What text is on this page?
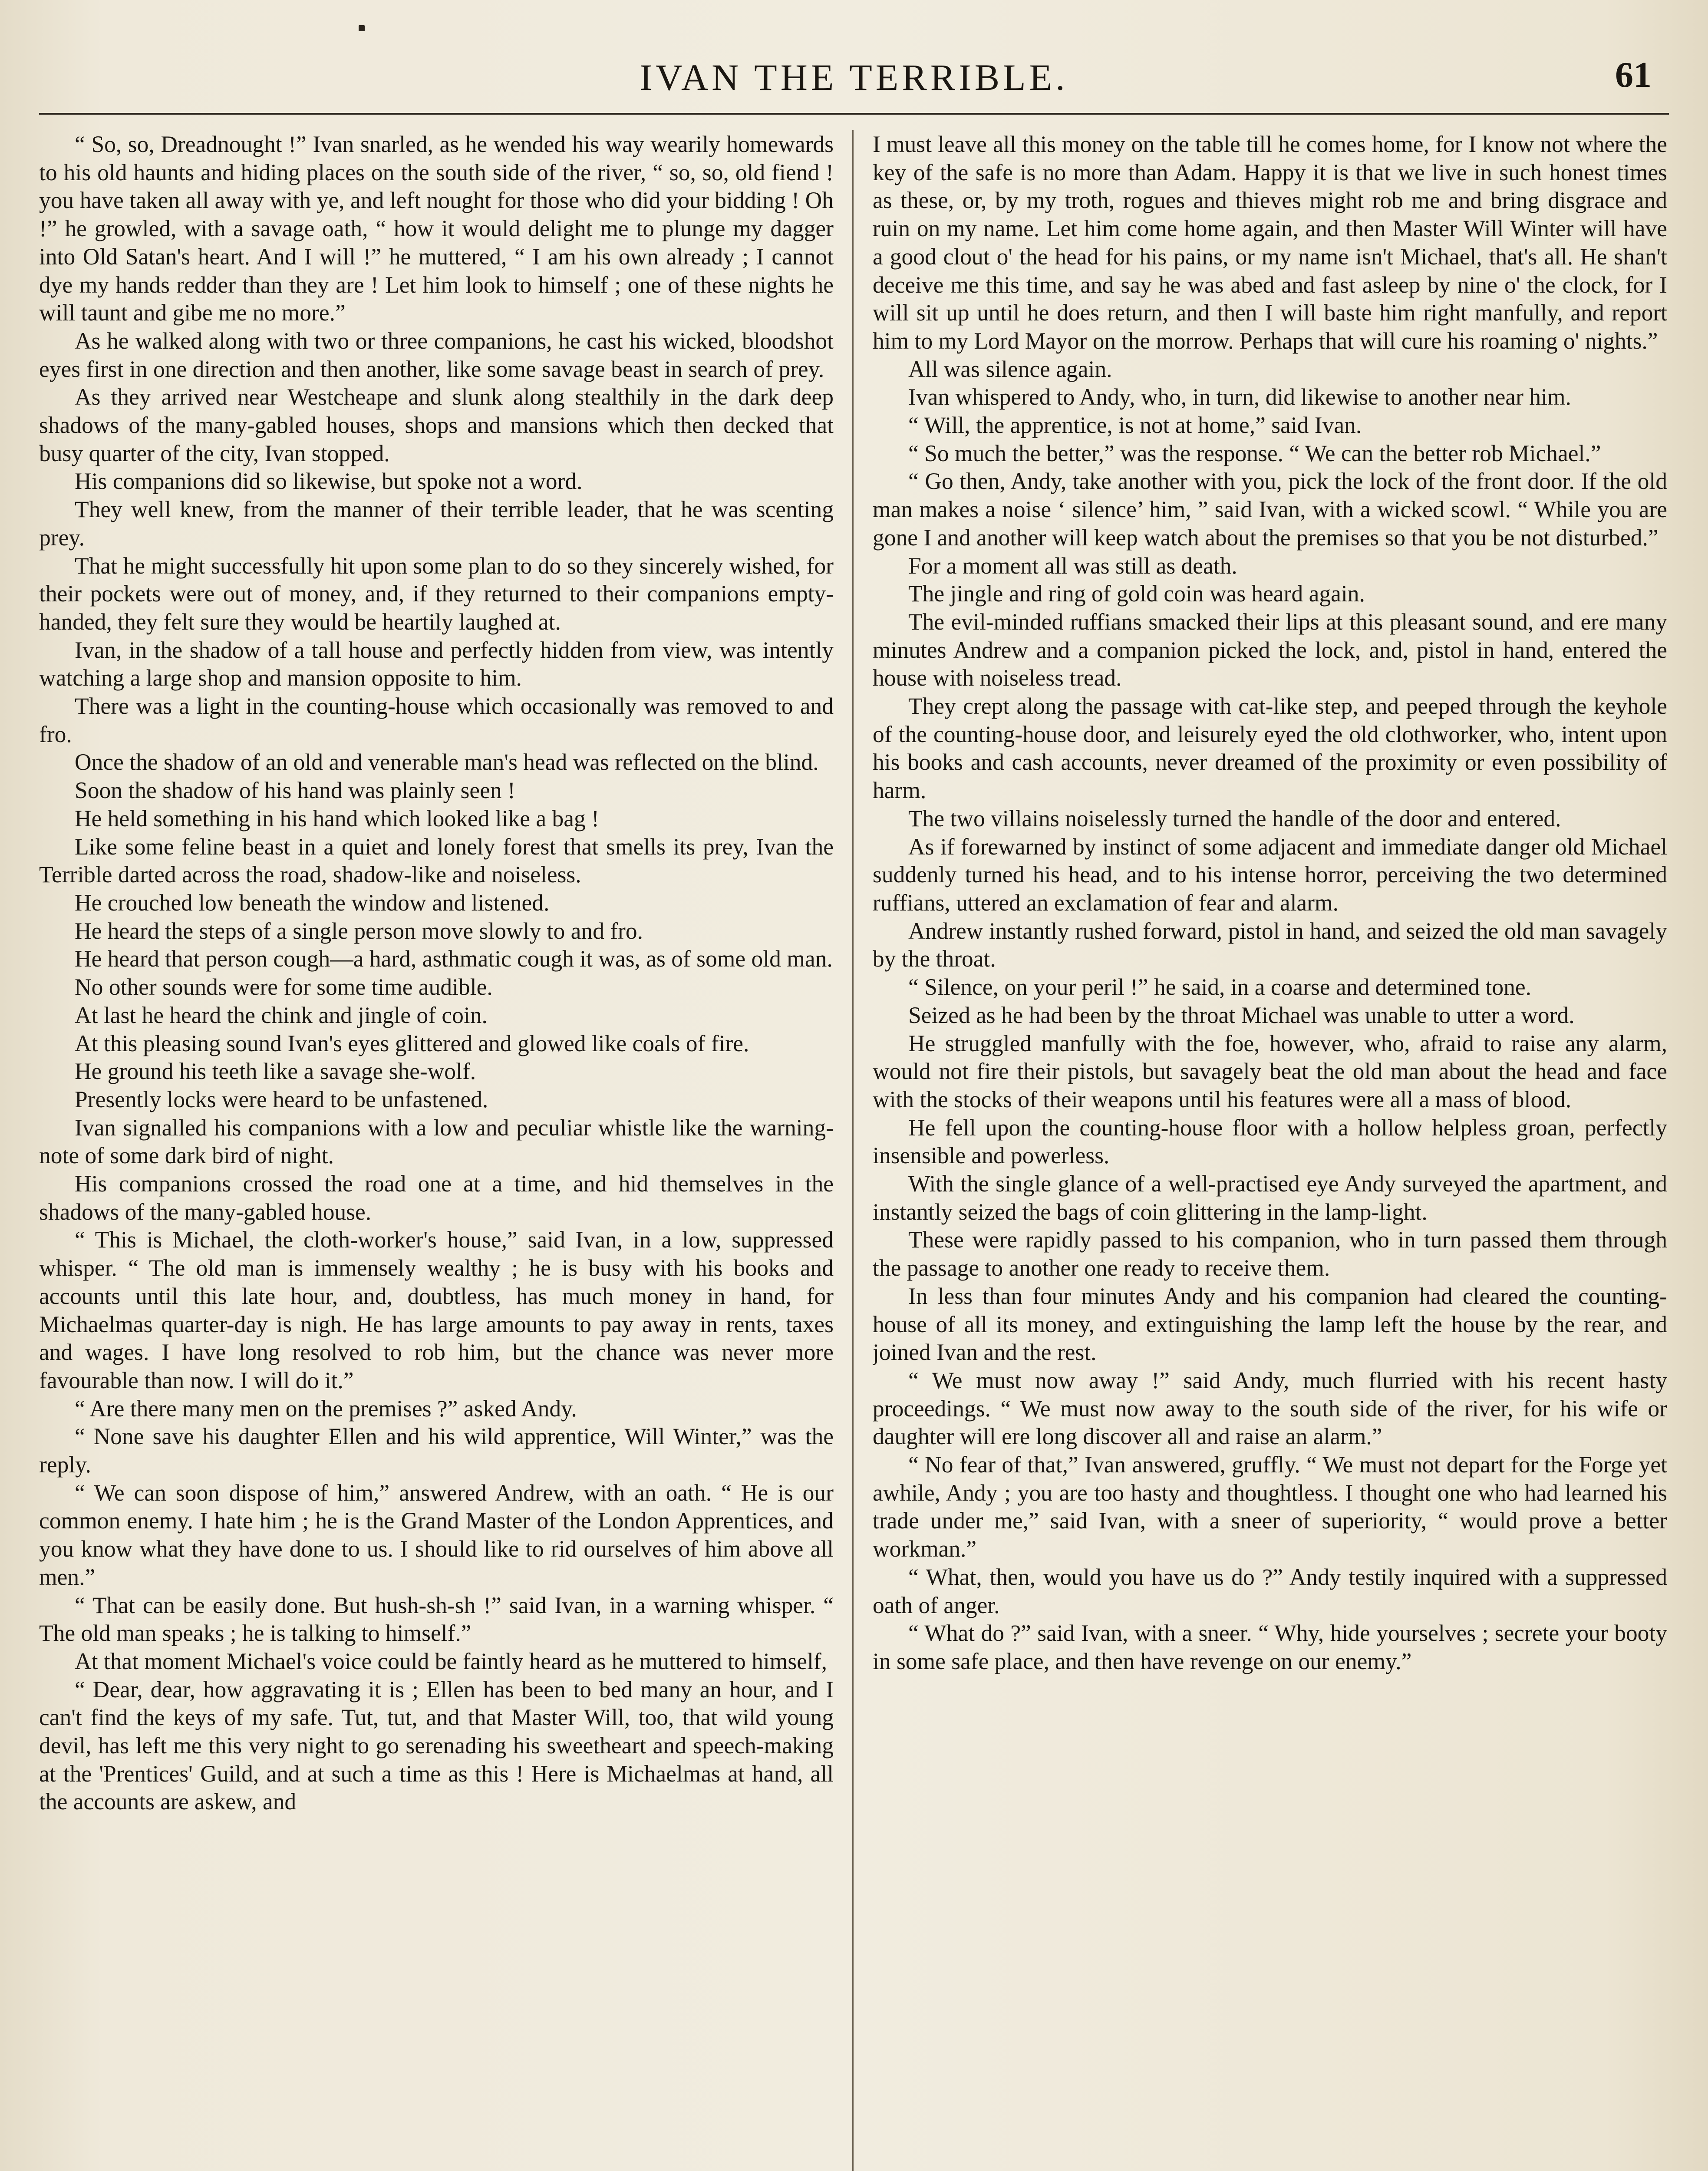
IVAN THE TERRIBLE.	61

“ So, so, Dreadnought !” Ivan snarled, as he wended his way wearily homewards to his old haunts and hiding places on the south side of the river, “ so, so, old fiend ! you have taken all away with ye, and left nought for those who did your bidding ! Oh !” he growled, with a savage oath, “ how it would delight me to plunge my dagger into Old Satan's heart. And I will !” he muttered, “ I am his own already ; I cannot dye my hands redder than they are ! Let him look to himself ; one of these nights he will taunt and gibe me no more.”

As he walked along with two or three companions, he cast his wicked, bloodshot eyes first in one direction and then another, like some savage beast in search of prey.

As they arrived near Westcheape and slunk along stealthily in the dark deep shadows of the many-gabled houses, shops and mansions which then decked that busy quarter of the city, Ivan stopped.

His companions did so likewise, but spoke not a word.

They well knew, from the manner of their terrible leader, that he was scenting prey.

That he might successfully hit upon some plan to do so they sincerely wished, for their pockets were out of money, and, if they returned to their companions empty-handed, they felt sure they would be heartily laughed at.

Ivan, in the shadow of a tall house and perfectly hidden from view, was intently watching a large shop and mansion opposite to him.

There was a light in the counting-house which occasionally was removed to and fro.

Once the shadow of an old and venerable man's head was reflected on the blind.

Soon the shadow of his hand was plainly seen !

He held something in his hand which looked like a bag !

Like some feline beast in a quiet and lonely forest that smells its prey, Ivan the Terrible darted across the road, shadow-like and noiseless.

He crouched low beneath the window and listened.

He heard the steps of a single person move slowly to and fro.

He heard that person cough—a hard, asthmatic cough it was, as of some old man.

No other sounds were for some time audible.

At last he heard the chink and jingle of coin.

At this pleasing sound Ivan's eyes glittered and glowed like coals of fire.

He ground his teeth like a savage she-wolf.

Presently locks were heard to be unfastened.

Ivan signalled his companions with a low and peculiar whistle like the warning-note of some dark bird of night.

His companions crossed the road one at a time, and hid themselves in the shadows of the many-gabled house.

“ This is Michael, the cloth-worker's house,” said Ivan, in a low, suppressed whisper. “ The old man is immensely wealthy ; he is busy with his books and accounts until this late hour, and, doubtless, has much money in hand, for Michaelmas quarter-day is nigh. He has large amounts to pay away in rents, taxes and wages. I have long resolved to rob him, but the chance was never more favourable than now. I will do it.”

“ Are there many men on the premises ?” asked Andy.

“ None save his daughter Ellen and his wild apprentice, Will Winter,” was the reply.

“ We can soon dispose of him,” answered Andrew, with an oath. “ He is our common enemy. I hate him ; he is the Grand Master of the London Apprentices, and you know what they have done to us. I should like to rid ourselves of him above all men.”

“ That can be easily done. But hush-sh-sh !” said Ivan, in a warning whisper. “ The old man speaks ; he is talking to himself.”

At that moment Michael's voice could be faintly heard as he muttered to himself,

“ Dear, dear, how aggravating it is ; Ellen has been to bed many an hour, and I can't find the keys of my safe. Tut, tut, and that Master Will, too, that wild young devil, has left me this very night to go serenading his sweetheart and speech-making at the 'Prentices' Guild, and at such a time as this ! Here is Michaelmas at hand, all the accounts are askew, and

I must leave all this money on the table till he comes home, for I know not where the key of the safe is no more than Adam. Happy it is that we live in such honest times as these, or, by my troth, rogues and thieves might rob me and bring disgrace and ruin on my name. Let him come home again, and then Master Will Winter will have a good clout o' the head for his pains, or my name isn't Michael, that's all. He shan't deceive me this time, and say he was abed and fast asleep by nine o' the clock, for I will sit up until he does return, and then I will baste him right manfully, and report him to my Lord Mayor on the morrow. Perhaps that will cure his roaming o' nights.”

All was silence again.

Ivan whispered to Andy, who, in turn, did likewise to another near him.

“ Will, the apprentice, is not at home,” said Ivan.

“ So much the better,” was the response. “ We can the better rob Michael.”

“ Go then, Andy, take another with you, pick the lock of the front door. If the old man makes a noise ‘ silence’ him, ” said Ivan, with a wicked scowl. “ While you are gone I and another will keep watch about the premises so that you be not disturbed.”

For a moment all was still as death.

The jingle and ring of gold coin was heard again.

The evil-minded ruffians smacked their lips at this pleasant sound, and ere many minutes Andrew and a companion picked the lock, and, pistol in hand, entered the house with noiseless tread.

They crept along the passage with cat-like step, and peeped through the keyhole of the counting-house door, and leisurely eyed the old clothworker, who, intent upon his books and cash accounts, never dreamed of the proximity or even possibility of harm.

The two villains noiselessly turned the handle of the door and entered.

As if forewarned by instinct of some adjacent and immediate danger old Michael suddenly turned his head, and to his intense horror, perceiving the two determined ruffians, uttered an exclamation of fear and alarm.

Andrew instantly rushed forward, pistol in hand, and seized the old man savagely by the throat.

“ Silence, on your peril !” he said, in a coarse and determined tone.

Seized as he had been by the throat Michael was unable to utter a word.

He struggled manfully with the foe, however, who, afraid to raise any alarm, would not fire their pistols, but savagely beat the old man about the head and face with the stocks of their weapons until his features were all a mass of blood.

He fell upon the counting-house floor with a hollow helpless groan, perfectly insensible and powerless.

With the single glance of a well-practised eye Andy surveyed the apartment, and instantly seized the bags of coin glittering in the lamp-light.

These were rapidly passed to his companion, who in turn passed them through the passage to another one ready to receive them.

In less than four minutes Andy and his companion had cleared the counting-house of all its money, and extinguishing the lamp left the house by the rear, and joined Ivan and the rest.

“ We must now away !” said Andy, much flurried with his recent hasty proceedings. “ We must now away to the south side of the river, for his wife or daughter will ere long discover all and raise an alarm.”

“ No fear of that,” Ivan answered, gruffly. “ We must not depart for the Forge yet awhile, Andy ; you are too hasty and thoughtless. I thought one who had learned his trade under me,” said Ivan, with a sneer of superiority, “ would prove a better workman.”

“ What, then, would you have us do ?” Andy testily inquired with a suppressed oath of anger.

“ What do ?” said Ivan, with a sneer. “ Why, hide yourselves ; secrete your booty in some safe place, and then have revenge on our enemy.”
